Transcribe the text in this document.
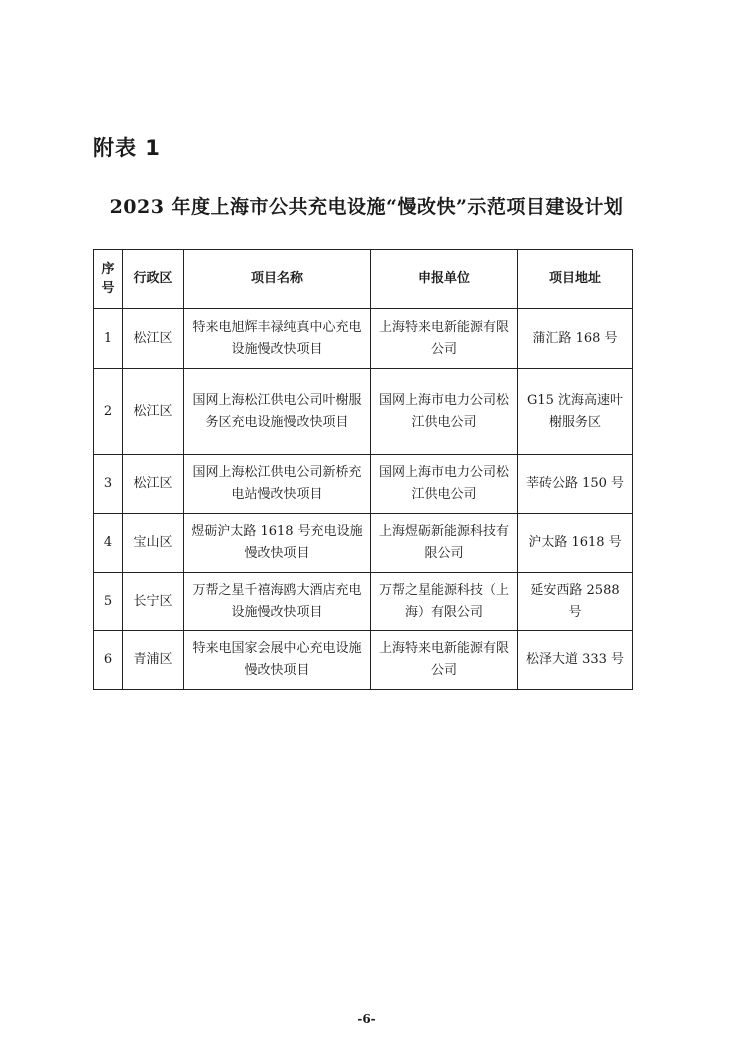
附表 1
2023 年度上海市公共充电设施“慢改快”示范项目建设计划
序
号	行政区	项目名称	申报单位	项目地址
1	松江区	特来电旭辉丰禄纯真中心充电设施慢改快项目	上海特来电新能源有限公司	蒲汇路 168 号
2	松江区	国网上海松江供电公司叶榭服务区充电设施慢改快项目	国网上海市电力公司松江供电公司	G15 沈海高速叶榭服务区
3	松江区	国网上海松江供电公司新桥充电站慢改快项目	国网上海市电力公司松江供电公司	莘砖公路 150 号
4	宝山区	煜砺沪太路 1618 号充电设施慢改快项目	上海煜砺新能源科技有限公司	沪太路 1618 号
5	长宁区	万帮之星千禧海鸥大酒店充电设施慢改快项目	万帮之星能源科技（上海）有限公司	延安西路 2588 号
6	青浦区	特来电国家会展中心充电设施慢改快项目	上海特来电新能源有限公司	松泽大道 333 号
-6-
